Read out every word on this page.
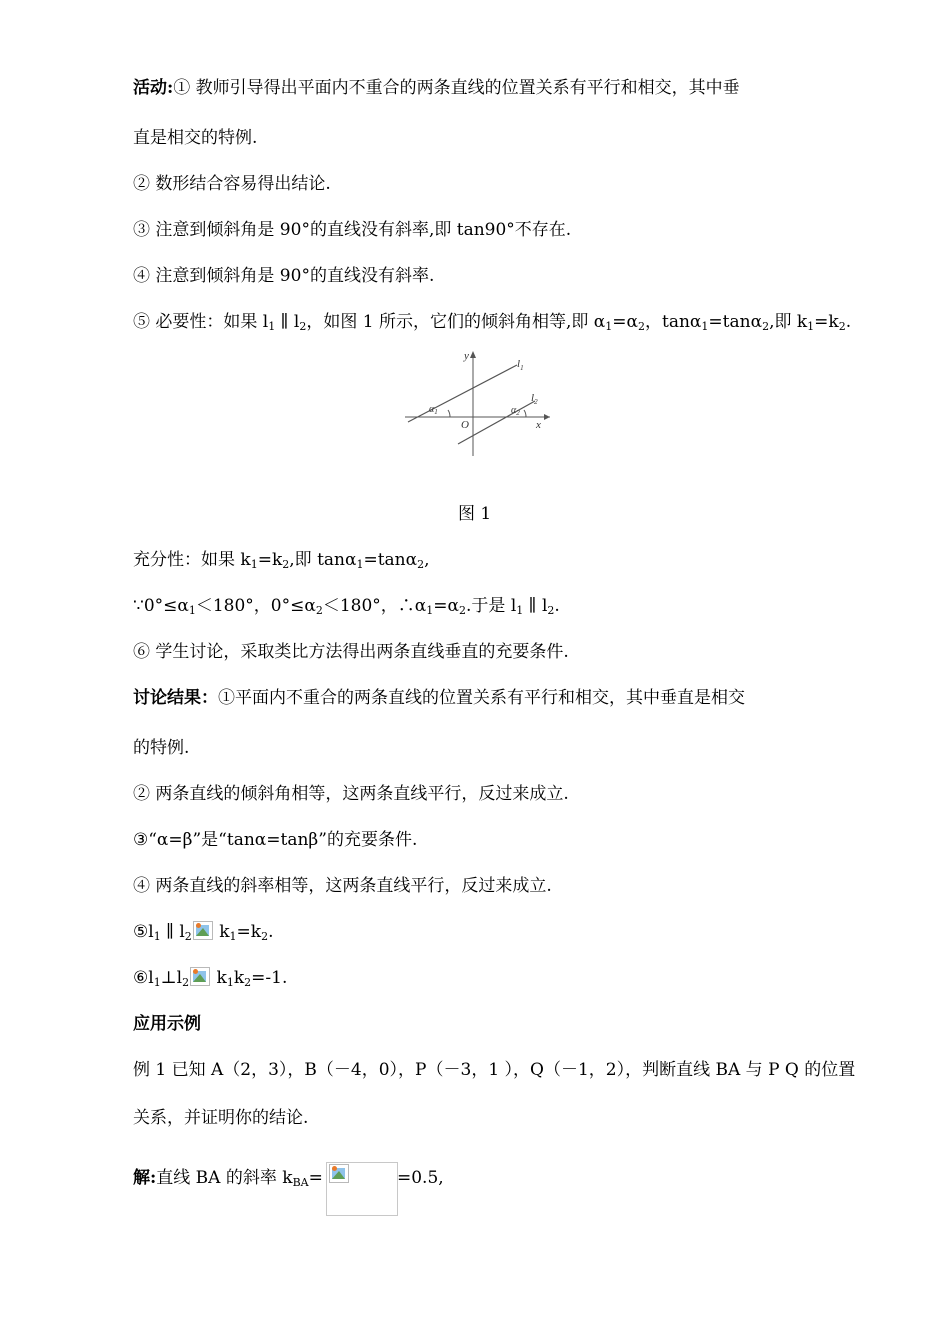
活动:① 教师引导得出平面内不重合的两条直线的位置关系有平行和相交，其中垂
直是相交的特例.
② 数形结合容易得出结论.
③ 注意到倾斜角是 90°的直线没有斜率,即 tan90°不存在.
④ 注意到倾斜角是 90°的直线没有斜率.
⑤ 必要性：如果 $l_1$ ∥ $l_2$，如图 1 所示，它们的倾斜角相等,即 $\alpha_1=\alpha_2$，tanα$_1$=tanα$_2$,即 $k_1=k_2$.
y
x
O
$l_1$
$l_2$
$\alpha_1$	$\alpha_2$
图 1
充分性：如果 $k_1=k_2$,即 tanα$_1$=tanα$_2$,
$\because 0^\circ\le\alpha_1<180^\circ$，$0^\circ\le\alpha_2<180^\circ$，$\therefore\alpha_1=\alpha_2$.于是 $l_1$ ∥ $l_2$.
⑥ 学生讨论，采取类比方法得出两条直线垂直的充要条件.
讨论结果：①平面内不重合的两条直线的位置关系有平行和相交，其中垂直是相交
的特例.
② 两条直线的倾斜角相等，这两条直线平行，反过来成立.
③“α=β”是“tanα=tanβ”的充要条件.
④ 两条直线的斜率相等，这两条直线平行，反过来成立.
$⑤l_1$ ∥ $l_2$
$k_1=k_2$.
$⑥l_1\perp l_2$
$k_1k_2=-1$.
应用示例
例 1 已知 A（2，3），B（－4，0），P（－3，1 ），Q（－1，2），判断直线 BA 与 P Q 的位置
关系，并证明你的结论.
解:直线 BA 的斜率 $k_{BA}=$	=0.5,
